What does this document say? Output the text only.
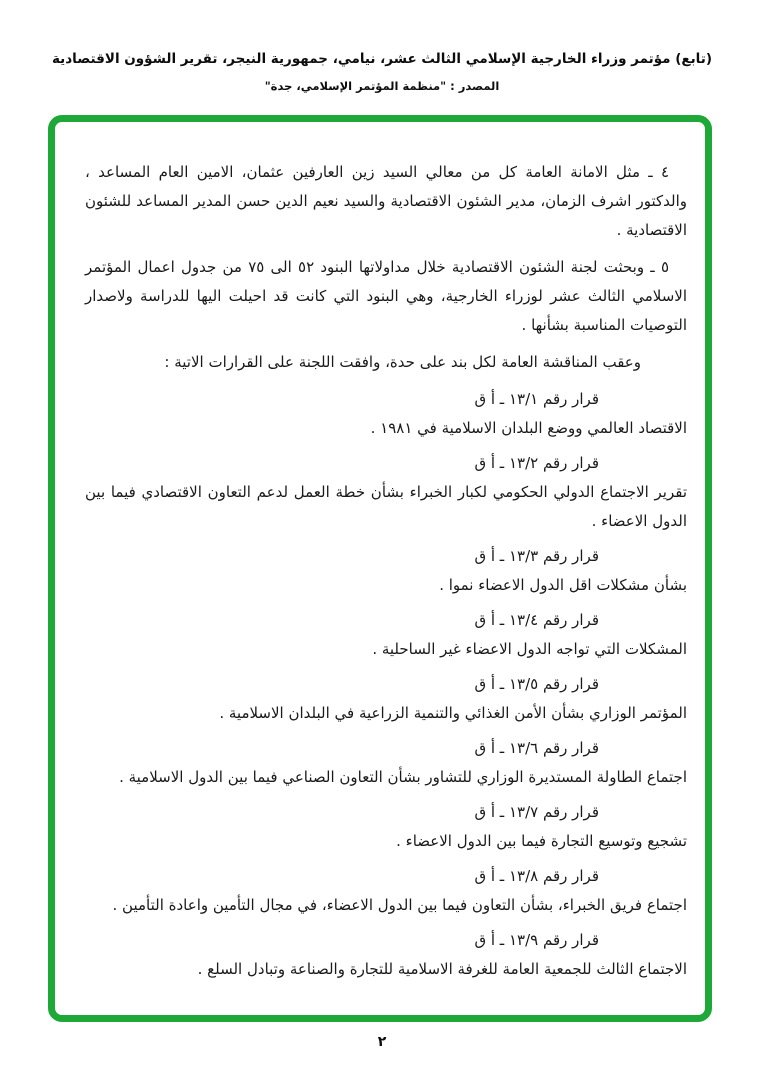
(تابع) مؤتمر وزراء الخارجية الإسلامي الثالث عشر، نيامي، جمهورية النيجر، تقرير الشؤون الاقتصادية
المصدر : "منظمة المؤتمر الإسلامي، جدة"

٤ ـ مثل الامانة العامة كل من معالي السيد زين العارفين عثمان، الامين العام المساعد ، والدكتور اشرف الزمان، مدير الشئون الاقتصادية والسيد نعيم الدين حسن المدير المساعد للشئون الاقتصادية .

٥ ـ وبحثت لجنة الشئون الاقتصادية خلال مداولاتها البنود ٥٢ الى ٧٥ من جدول اعمال المؤتمر الاسلامي الثالث عشر لوزراء الخارجية، وهي البنود التي كانت قد احيلت اليها للدراسة ولاصدار التوصيات المناسبة بشأنها .

وعقب المناقشة العامة لكل بند على حدة، وافقت اللجنة على القرارات الاتية :

قرار رقم ١٣/١ ـ أ ق
الاقتصاد العالمي ووضع البلدان الاسلامية في ١٩٨١ .
قرار رقم ١٣/٢ ـ أ ق
تقرير الاجتماع الدولي الحكومي لكبار الخبراء بشأن خطة العمل لدعم التعاون الاقتصادي فيما بين الدول الاعضاء .
قرار رقم ١٣/٣ ـ أ ق
بشأن مشكلات اقل الدول الاعضاء نموا .
قرار رقم ١٣/٤ ـ أ ق
المشكلات التي تواجه الدول الاعضاء غير الساحلية .
قرار رقم ١٣/٥ ـ أ ق
المؤتمر الوزاري بشأن الأمن الغذائي والتنمية الزراعية في البلدان الاسلامية .
قرار رقم ١٣/٦ ـ أ ق
اجتماع الطاولة المستديرة الوزاري للتشاور بشأن التعاون الصناعي فيما بين الدول الاسلامية .
قرار رقم ١٣/٧ ـ أ ق
تشجيع وتوسيع التجارة فيما بين الدول الاعضاء .
قرار رقم ١٣/٨ ـ أ ق
اجتماع فريق الخبراء، بشأن التعاون فيما بين الدول الاعضاء، في مجال التأمين واعادة التأمين .
قرار رقم ١٣/٩ ـ أ ق
الاجتماع الثالث للجمعية العامة للغرفة الاسلامية للتجارة والصناعة وتبادل السلع .
٢
